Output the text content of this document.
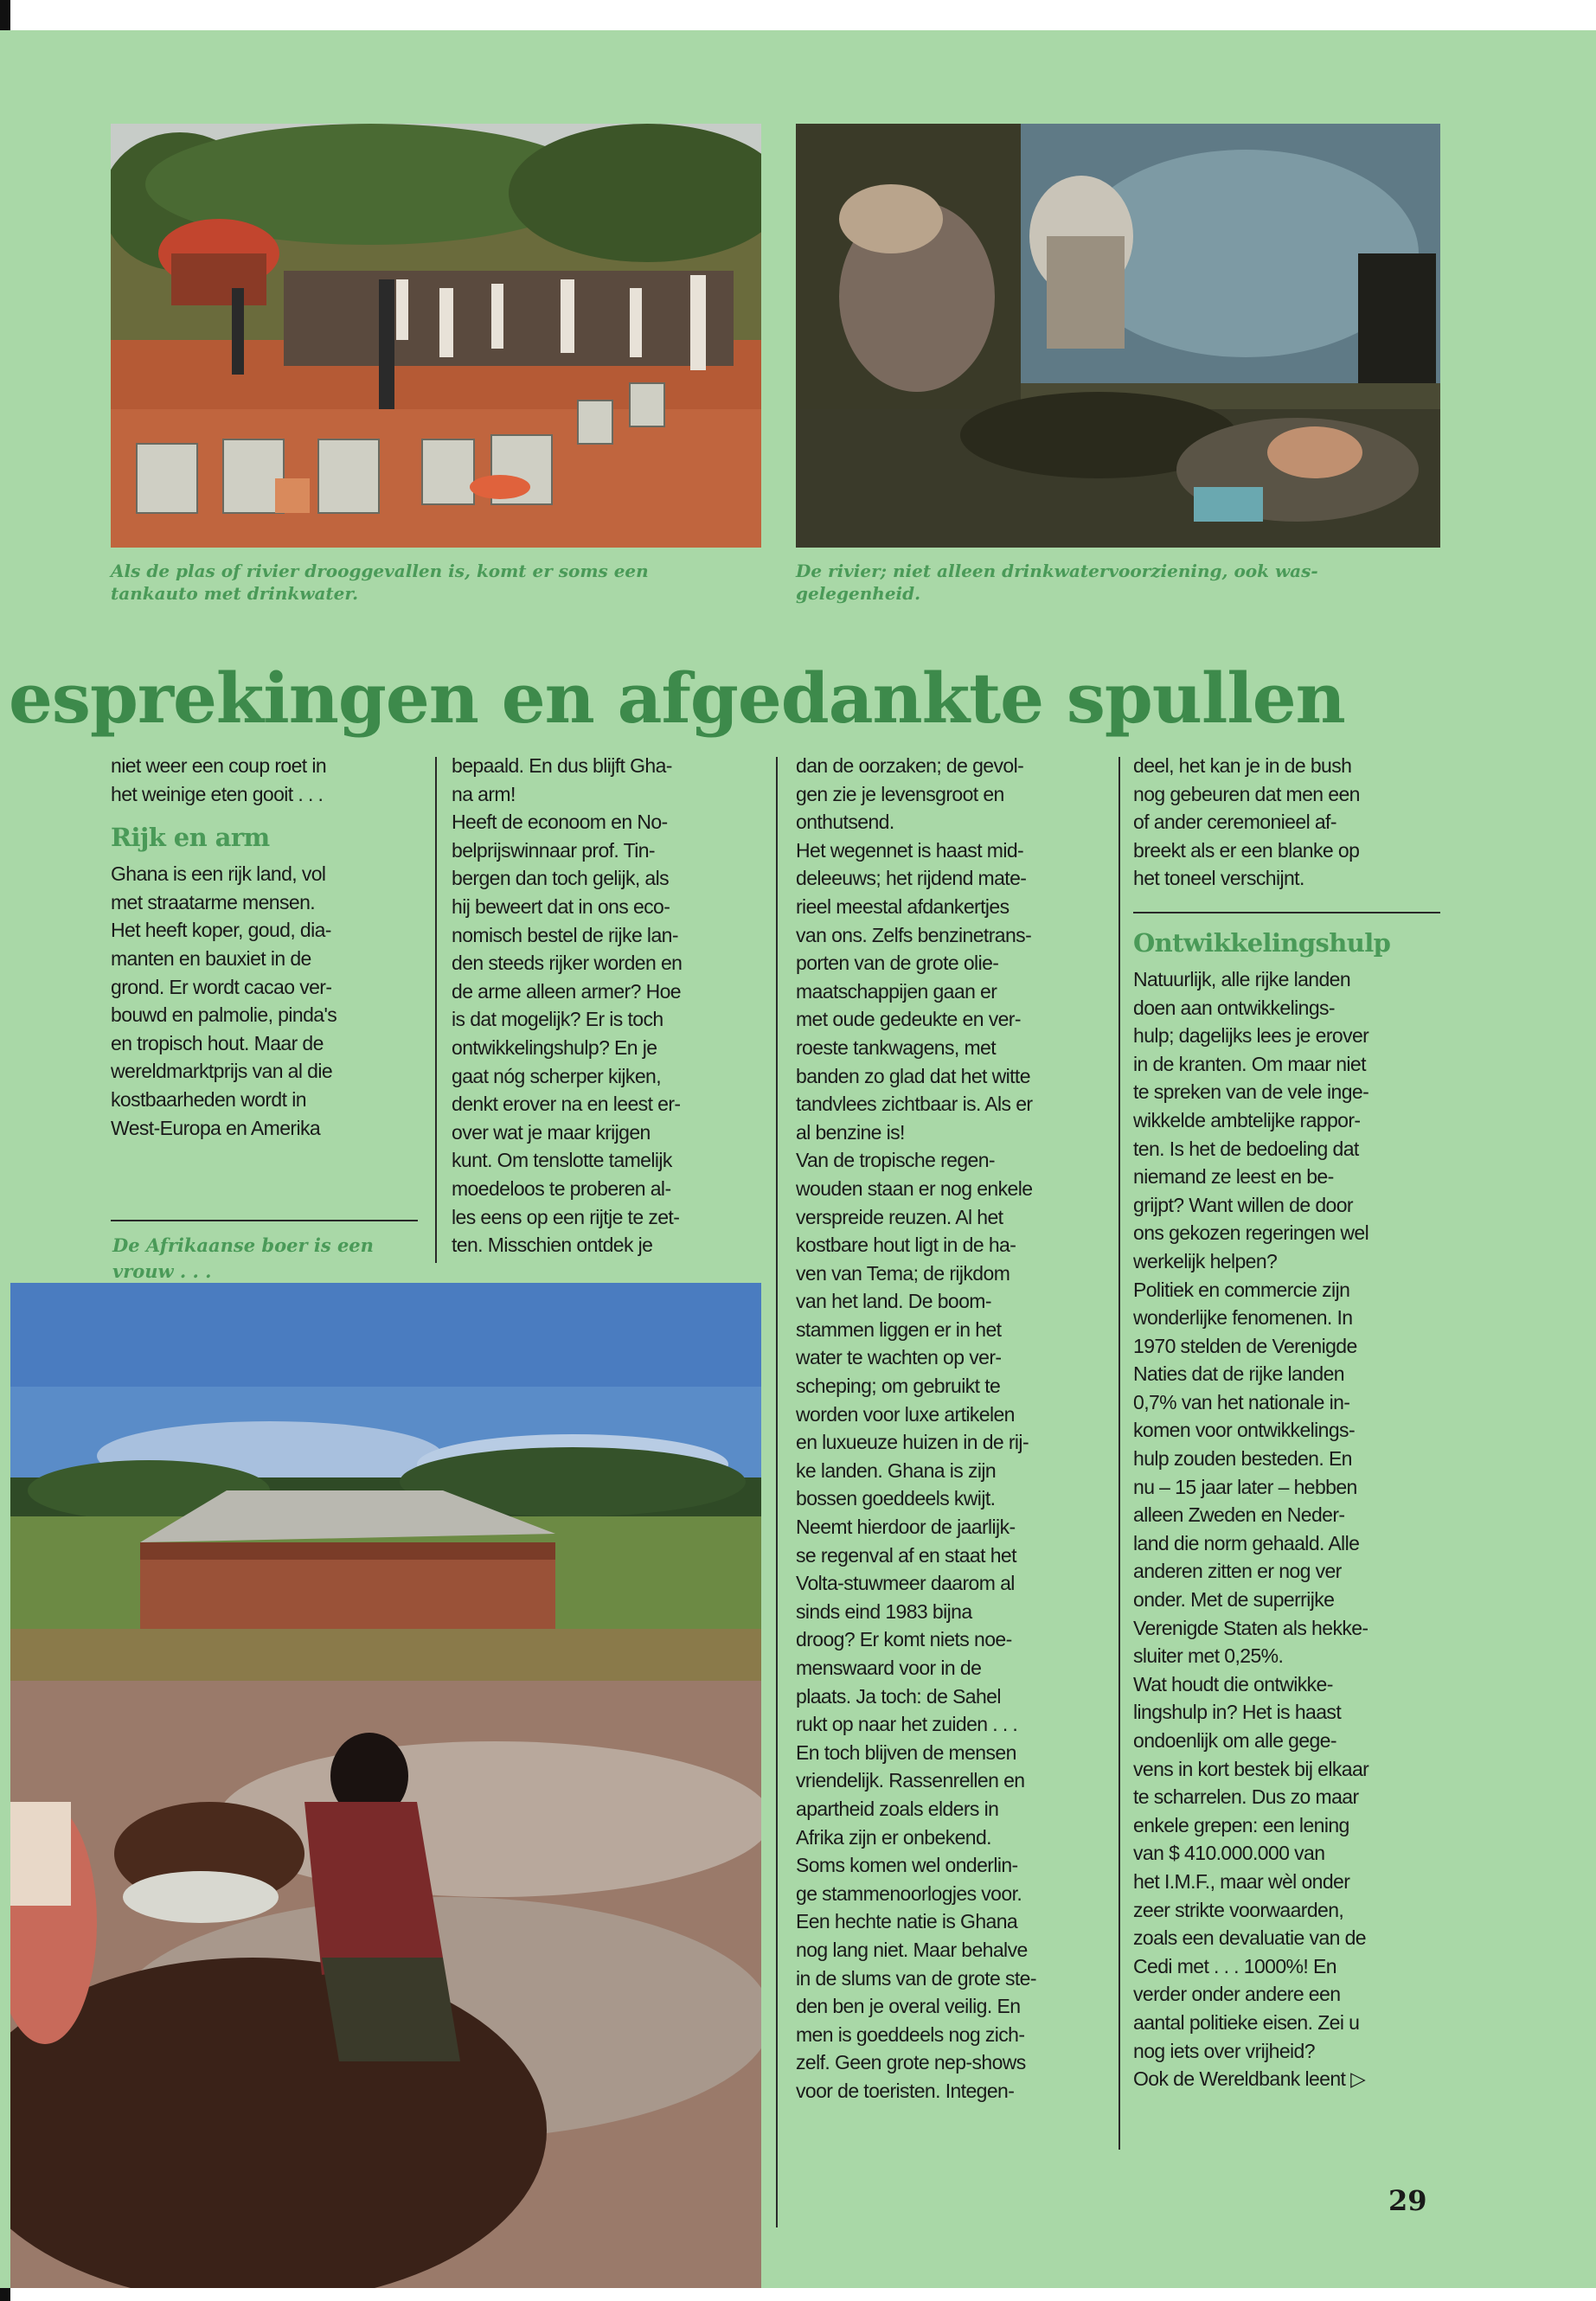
Als de plas of rivier drooggevallen is, komt er soms een
tankauto met drinkwater.
De rivier; niet alleen drinkwatervoorziening, ook was-
gelegenheid.
esprekingen en afgedankte spullen
niet weer een coup roet in
het weinige eten gooit . . .
Rijk en arm
Ghana is een rijk land, vol
met straatarme mensen.
Het heeft koper, goud, dia-
manten en bauxiet in de
grond. Er wordt cacao ver-
bouwd en palmolie, pinda's
en tropisch hout. Maar de
wereldmarktprijs van al die
kostbaarheden wordt in
West-Europa en Amerika
De Afrikaanse boer is een
vrouw . . .
bepaald. En dus blijft Gha-
na arm!
Heeft de econoom en No-
belprijswinnaar prof. Tin-
bergen dan toch gelijk, als
hij beweert dat in ons eco-
nomisch bestel de rijke lan-
den steeds rijker worden en
de arme alleen armer? Hoe
is dat mogelijk? Er is toch
ontwikkelingshulp? En je
gaat nóg scherper kijken,
denkt erover na en leest er-
over wat je maar krijgen
kunt. Om tenslotte tamelijk
moedeloos te proberen al-
les eens op een rijtje te zet-
ten. Misschien ontdek je
dan de oorzaken; de gevol-
gen zie je levensgroot en
onthutsend.
Het wegennet is haast mid-
deleeuws; het rijdend mate-
rieel meestal afdankertjes
van ons. Zelfs benzinetrans-
porten van de grote olie-
maatschappijen gaan er
met oude gedeukte en ver-
roeste tankwagens, met
banden zo glad dat het witte
tandvlees zichtbaar is. Als er
al benzine is!
Van de tropische regen-
wouden staan er nog enkele
verspreide reuzen. Al het
kostbare hout ligt in de ha-
ven van Tema; de rijkdom
van het land. De boom-
stammen liggen er in het
water te wachten op ver-
scheping; om gebruikt te
worden voor luxe artikelen
en luxueuze huizen in de rij-
ke landen. Ghana is zijn
bossen goeddeels kwijt.
Neemt hierdoor de jaarlijk-
se regenval af en staat het
Volta-stuwmeer daarom al
sinds eind 1983 bijna
droog? Er komt niets noe-
menswaard voor in de
plaats. Ja toch: de Sahel
rukt op naar het zuiden . . .
En toch blijven de mensen
vriendelijk. Rassenrellen en
apartheid zoals elders in
Afrika zijn er onbekend.
Soms komen wel onderlin-
ge stammenoorlogjes voor.
Een hechte natie is Ghana
nog lang niet. Maar behalve
in de slums van de grote ste-
den ben je overal veilig. En
men is goeddeels nog zich-
zelf. Geen grote nep-shows
voor de toeristen. Integen-
deel, het kan je in de bush
nog gebeuren dat men een
of ander ceremonieel af-
breekt als er een blanke op
het toneel verschijnt.
Ontwikkelingshulp
Natuurlijk, alle rijke landen
doen aan ontwikkelings-
hulp; dagelijks lees je erover
in de kranten. Om maar niet
te spreken van de vele inge-
wikkelde ambtelijke rappor-
ten. Is het de bedoeling dat
niemand ze leest en be-
grijpt? Want willen de door
ons gekozen regeringen wel
werkelijk helpen?
Politiek en commercie zijn
wonderlijke fenomenen. In
1970 stelden de Verenigde
Naties dat de rijke landen
0,7% van het nationale in-
komen voor ontwikkelings-
hulp zouden besteden. En
nu – 15 jaar later – hebben
alleen Zweden en Neder-
land die norm gehaald. Alle
anderen zitten er nog ver
onder. Met de superrijke
Verenigde Staten als hekke-
sluiter met 0,25%.
Wat houdt die ontwikke-
lingshulp in? Het is haast
ondoenlijk om alle gege-
vens in kort bestek bij elkaar
te scharrelen. Dus zo maar
enkele grepen: een lening
van $ 410.000.000 van
het I.M.F., maar wèl onder
zeer strikte voorwaarden,
zoals een devaluatie van de
Cedi met . . . 1000%! En
verder onder andere een
aantal politieke eisen. Zei u
nog iets over vrijheid?
Ook de Wereldbank leent ▷
29
